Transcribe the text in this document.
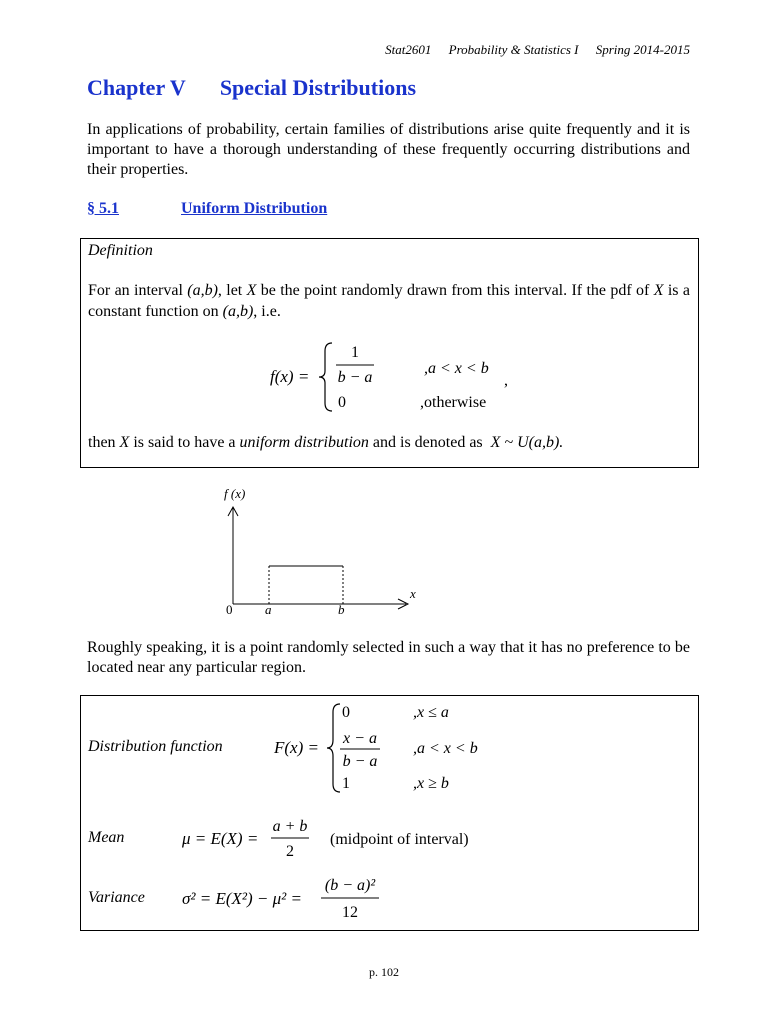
Stat2601 Probability & Statistics I Spring 2014-2015
Chapter V Special Distributions
In applications of probability, certain families of distributions arise quite frequently and it is important to have a thorough understanding of these frequently occurring distributions and their properties.
§ 5.1	Uniform Distribution
Definition
For an interval (a,b), let X be the point randomly drawn from this interval. If the pdf of X is a constant function on (a,b), i.e.
f(x) =
1
b − a
,a < x < b
0	,otherwise
,
then X is said to have a uniform distribution and is denoted as X ~ U(a,b).
f (x)
x
0	a	b
Roughly speaking, it is a point randomly selected in such a way that it has no preference to be located near any particular region.
Distribution function	F(x) =
0	,x ≤ a
x − a
b − a
,a < x < b
1	,x ≥ b
Mean	μ = E(X) =
a + b
2
(midpoint of interval)
Variance σ² = E(X²) − μ² =
(b − a)²
12
p. 102
